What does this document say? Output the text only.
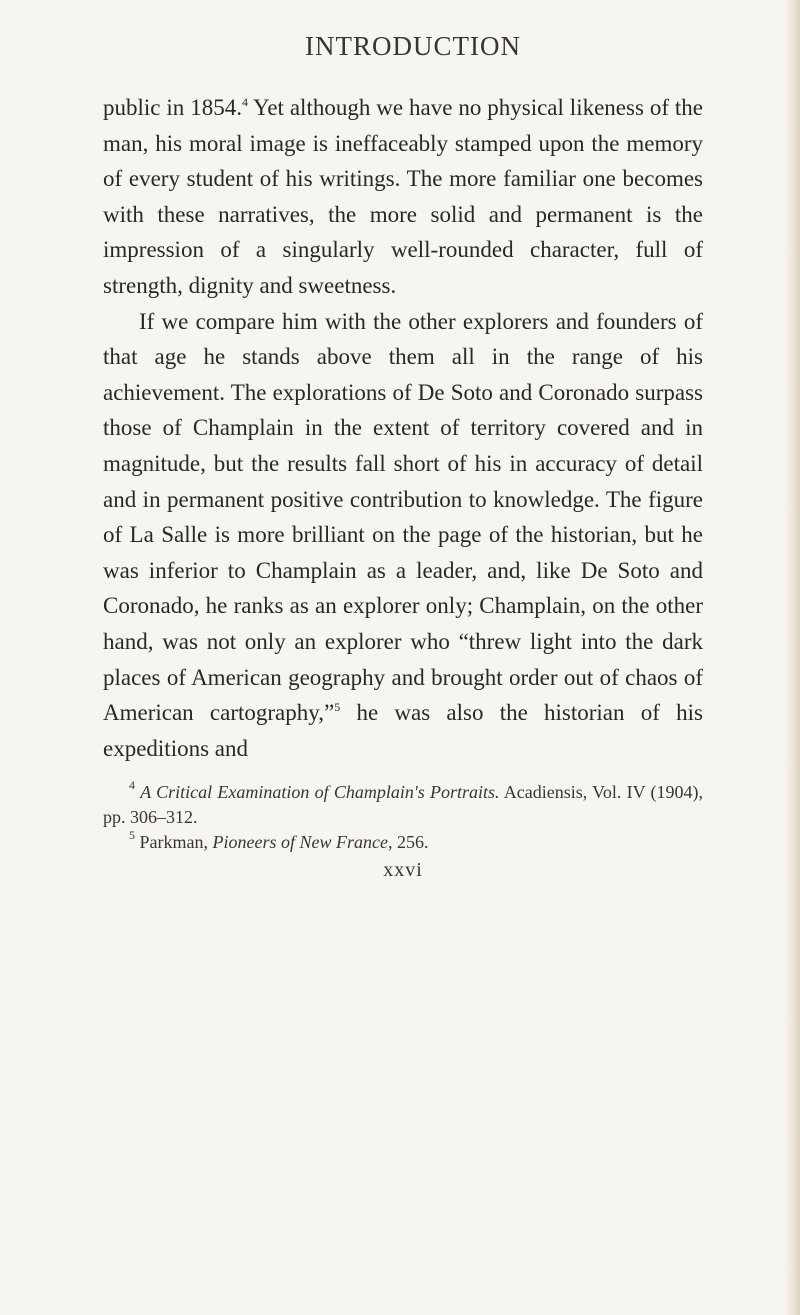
INTRODUCTION

public in 1854.$^4$ Yet although we have no physical likeness of the man, his moral image is ineffaceably stamped upon the memory of every student of his writings. The more familiar one becomes with these narratives, the more solid and permanent is the impression of a singularly well-rounded character, full of strength, dignity and sweetness.

If we compare him with the other explorers and founders of that age he stands above them all in the range of his achievement. The explorations of De Soto and Coronado surpass those of Champlain in the extent of territory covered and in magnitude, but the results fall short of his in accuracy of detail and in permanent positive contribution to knowledge. The figure of La Salle is more brilliant on the page of the historian, but he was inferior to Champlain as a leader, and, like De Soto and Coronado, he ranks as an explorer only; Champlain, on the other hand, was not only an explorer who “threw light into the dark places of American geography and brought order out of chaos of American cartography,”$^5$ he was also the historian of his expeditions and

$^4$ A Critical Examination of Champlain's Portraits. Acadiensis, Vol. IV (1904), pp. 306–312.

$^5$ Parkman, Pioneers of New France, 256.

xxvi
